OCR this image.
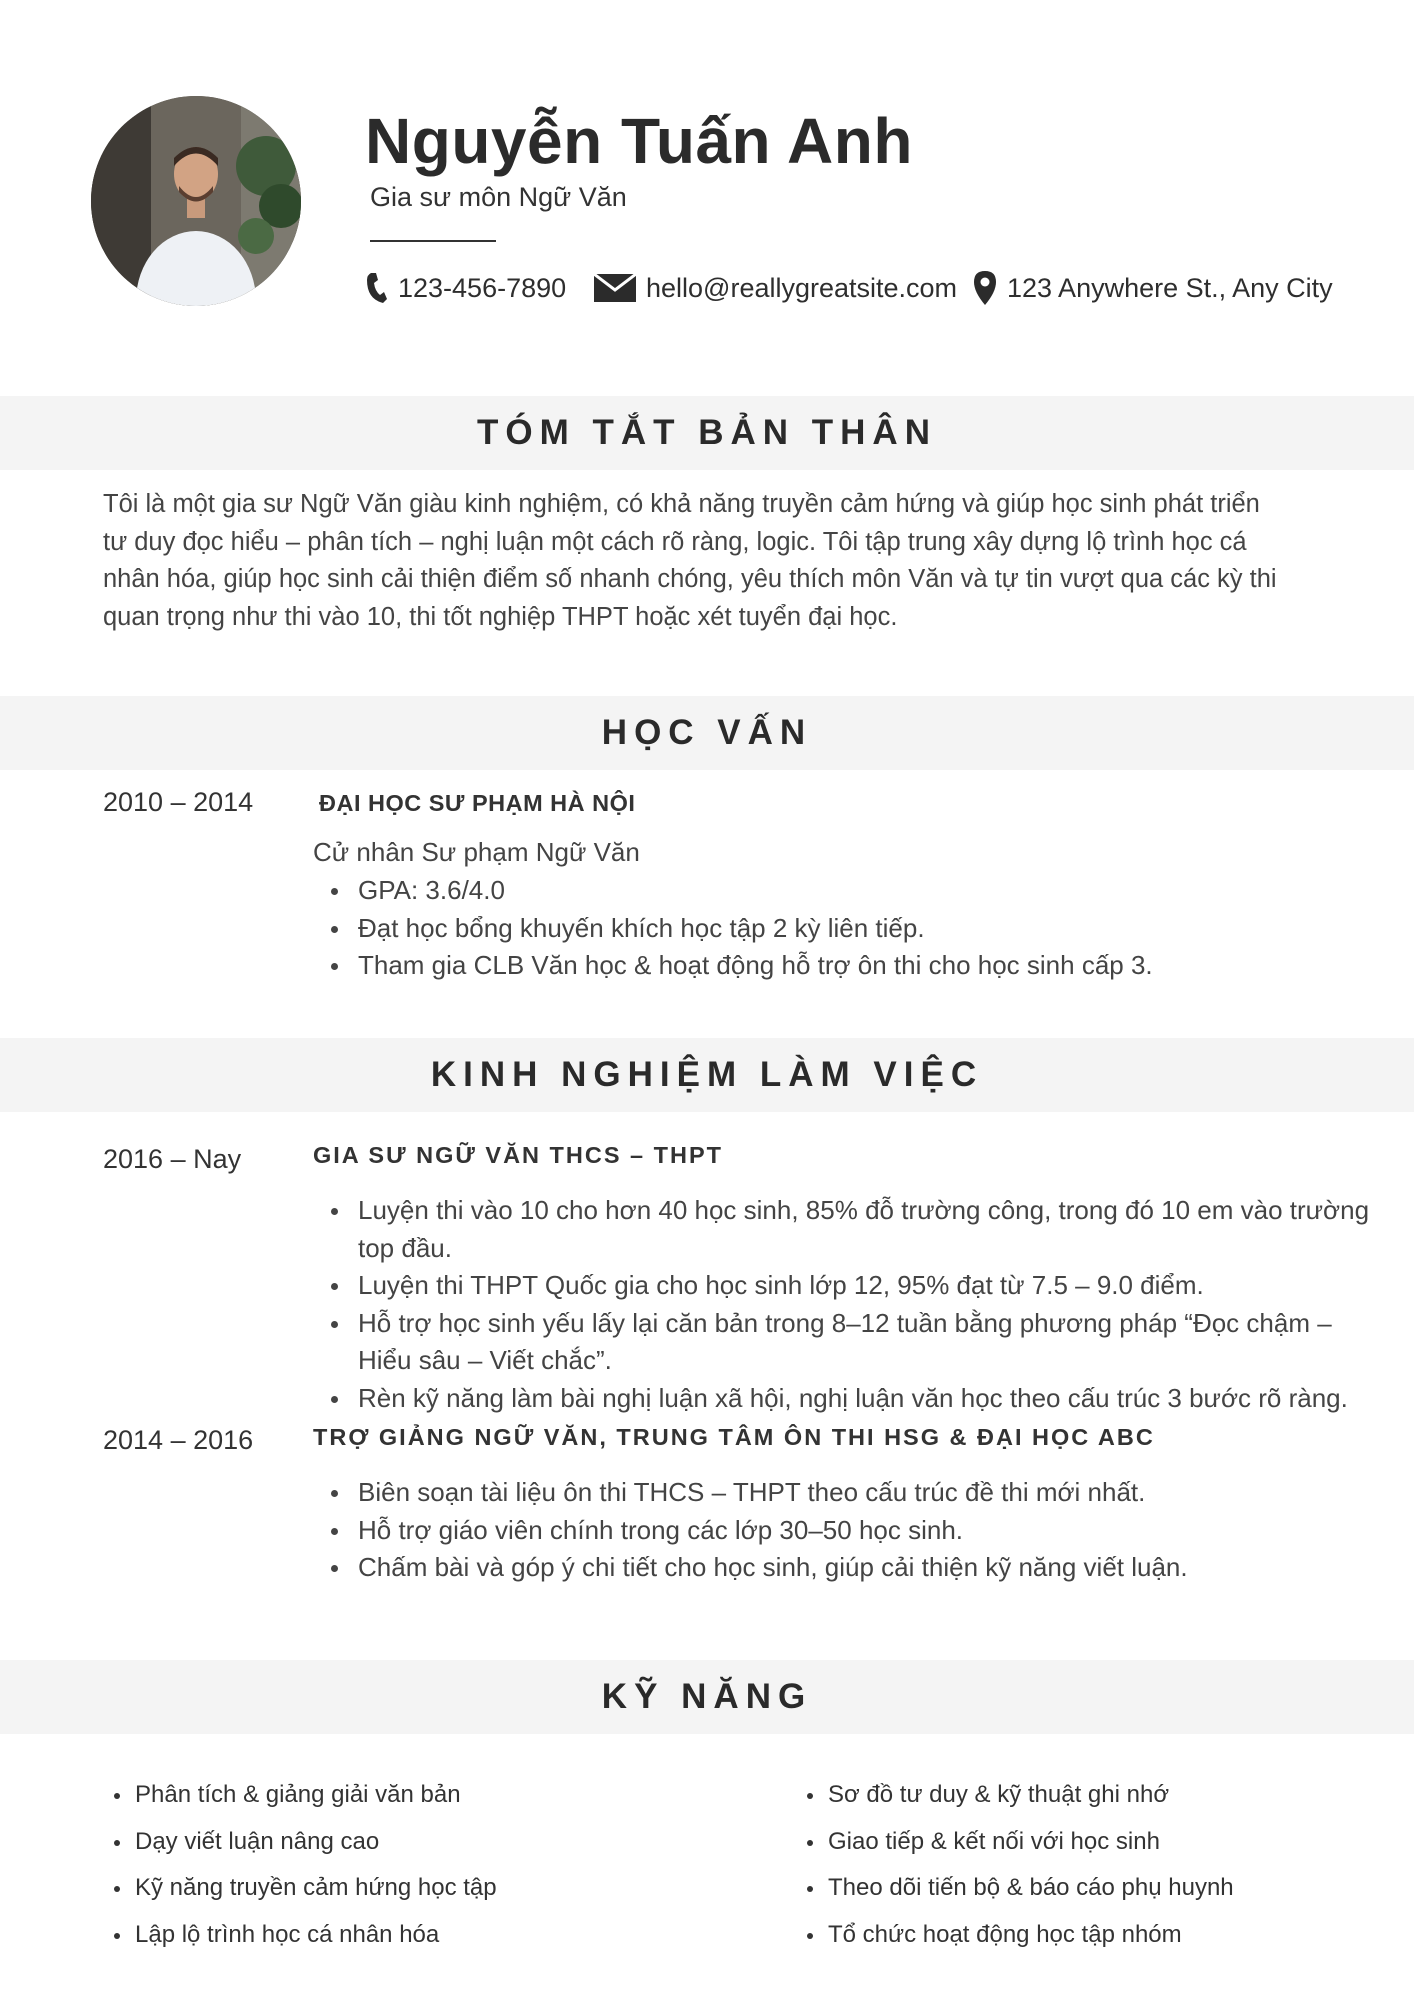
Nguyễn Tuấn Anh
Gia sư môn Ngữ Văn
123-456-7890	hello@reallygreatsite.com 123 Anywhere St., Any City
TÓM TẮT BẢN THÂN
Tôi là một gia sư Ngữ Văn giàu kinh nghiệm, có khả năng truyền cảm hứng và giúp học sinh phát triển
tư duy đọc hiểu – phân tích – nghị luận một cách rõ ràng, logic. Tôi tập trung xây dựng lộ trình học cá
nhân hóa, giúp học sinh cải thiện điểm số nhanh chóng, yêu thích môn Văn và tự tin vượt qua các kỳ thi
quan trọng như thi vào 10, thi tốt nghiệp THPT hoặc xét tuyển đại học.
HỌC VẤN
2010 – 2014	ĐẠI HỌC SƯ PHẠM HÀ NỘI
Cử nhân Sư phạm Ngữ Văn
GPA: 3.6/4.0
Đạt học bổng khuyến khích học tập 2 kỳ liên tiếp.
Tham gia CLB Văn học & hoạt động hỗ trợ ôn thi cho học sinh cấp 3.
KINH NGHIỆM LÀM VIỆC
2016 – Nay	GIA SƯ NGỮ VĂN THCS – THPT
Luyện thi vào 10 cho hơn 40 học sinh, 85% đỗ trường công, trong đó 10 em vào trường
top đầu.
Luyện thi THPT Quốc gia cho học sinh lớp 12, 95% đạt từ 7.5 – 9.0 điểm.
Hỗ trợ học sinh yếu lấy lại căn bản trong 8–12 tuần bằng phương pháp “Đọc chậm –
Hiểu sâu – Viết chắc”.
Rèn kỹ năng làm bài nghị luận xã hội, nghị luận văn học theo cấu trúc 3 bước rõ ràng.
2014 – 2016	TRỢ GIẢNG NGỮ VĂN, TRUNG TÂM ÔN THI HSG & ĐẠI HỌC ABC
Biên soạn tài liệu ôn thi THCS – THPT theo cấu trúc đề thi mới nhất.
Hỗ trợ giáo viên chính trong các lớp 30–50 học sinh.
Chấm bài và góp ý chi tiết cho học sinh, giúp cải thiện kỹ năng viết luận.
KỸ NĂNG
Phân tích & giảng giải văn bản
Dạy viết luận nâng cao
Kỹ năng truyền cảm hứng học tập
Lập lộ trình học cá nhân hóa
Sơ đồ tư duy & kỹ thuật ghi nhớ
Giao tiếp & kết nối với học sinh
Theo dõi tiến bộ & báo cáo phụ huynh
Tổ chức hoạt động học tập nhóm
